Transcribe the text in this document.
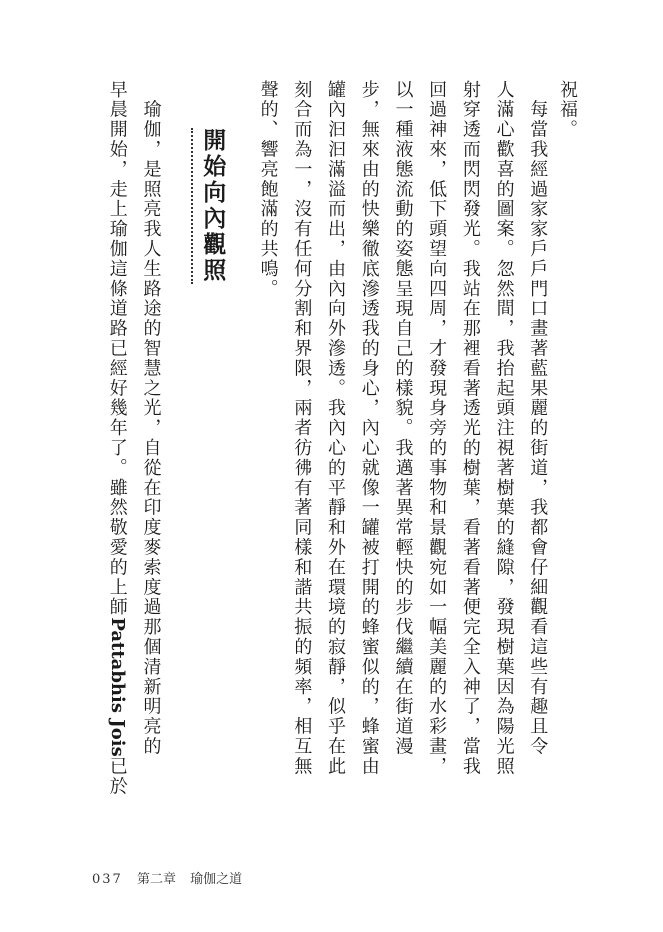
祝福。
　每當我經過家家戶戶門口畫著藍果麗的街道，我都會仔細觀看這些有趣且令
人滿心歡喜的圖案。忽然間，我抬起頭注視著樹葉的縫隙，發現樹葉因為陽光照
射穿透而閃閃發光。我站在那裡看著透光的樹葉，看著看著便完全入神了，當我
回過神來，低下頭望向四周，才發現身旁的事物和景觀宛如一幅美麗的水彩畫，
以一種液態流動的姿態呈現自己的樣貌。我邁著異常輕快的步伐繼續在街道漫
步，無來由的快樂徹底滲透我的身心，內心就像一罐被打開的蜂蜜似的，蜂蜜由
罐內汩汩滿溢而出，由內向外滲透。我內心的平靜和外在環境的寂靜，似乎在此
刻合而為一，沒有任何分割和界限，兩者彷彿有著同樣和諧共振的頻率，相互無
聲的、響亮飽滿的共鳴。
開始向內觀照
　瑜伽，是照亮我人生路途的智慧之光，自從在印度麥索度過那個清新明亮的
早晨開始，走上瑜伽這條道路已經好幾年了。雖然敬愛的上師Pattabhis Jois已於
037 第二章 瑜伽之道
